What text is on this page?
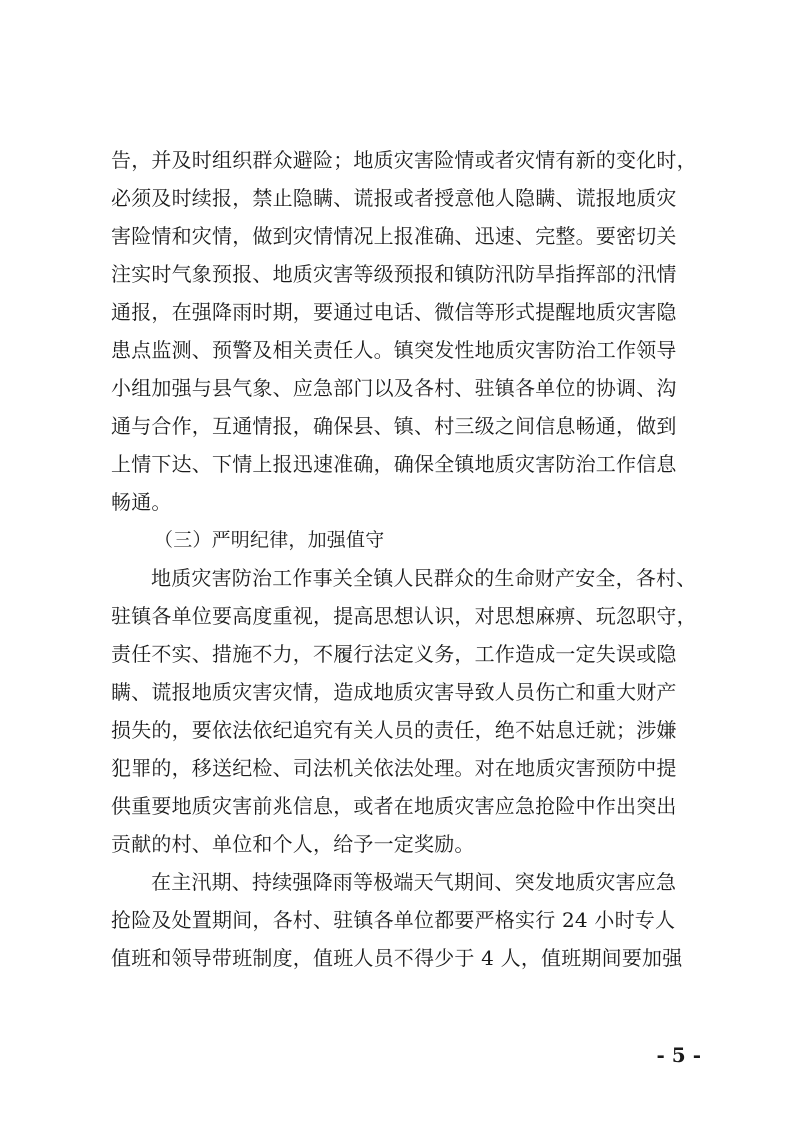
告，并及时组织群众避险；地质灾害险情或者灾情有新的变化时，
必须及时续报，禁止隐瞒、谎报或者授意他人隐瞒、谎报地质灾
害险情和灾情，做到灾情情况上报准确、迅速、完整。要密切关
注实时气象预报、地质灾害等级预报和镇防汛防旱指挥部的汛情
通报，在强降雨时期，要通过电话、微信等形式提醒地质灾害隐
患点监测、预警及相关责任人。镇突发性地质灾害防治工作领导
小组加强与县气象、应急部门以及各村、驻镇各单位的协调、沟
通与合作，互通情报，确保县、镇、村三级之间信息畅通，做到
上情下达、下情上报迅速准确，确保全镇地质灾害防治工作信息
畅通。
（三）严明纪律，加强值守
地质灾害防治工作事关全镇人民群众的生命财产安全，各村、
驻镇各单位要高度重视，提高思想认识，对思想麻痹、玩忽职守，
责任不实、措施不力，不履行法定义务，工作造成一定失误或隐
瞒、谎报地质灾害灾情，造成地质灾害导致人员伤亡和重大财产
损失的，要依法依纪追究有关人员的责任，绝不姑息迁就；涉嫌
犯罪的，移送纪检、司法机关依法处理。对在地质灾害预防中提
供重要地质灾害前兆信息，或者在地质灾害应急抢险中作出突出
贡献的村、单位和个人，给予一定奖励。
在主汛期、持续强降雨等极端天气期间、突发地质灾害应急
抢险及处置期间，各村、驻镇各单位都要严格实行 24 小时专人
值班和领导带班制度，值班人员不得少于 4 人，值班期间要加强
- 5 -
